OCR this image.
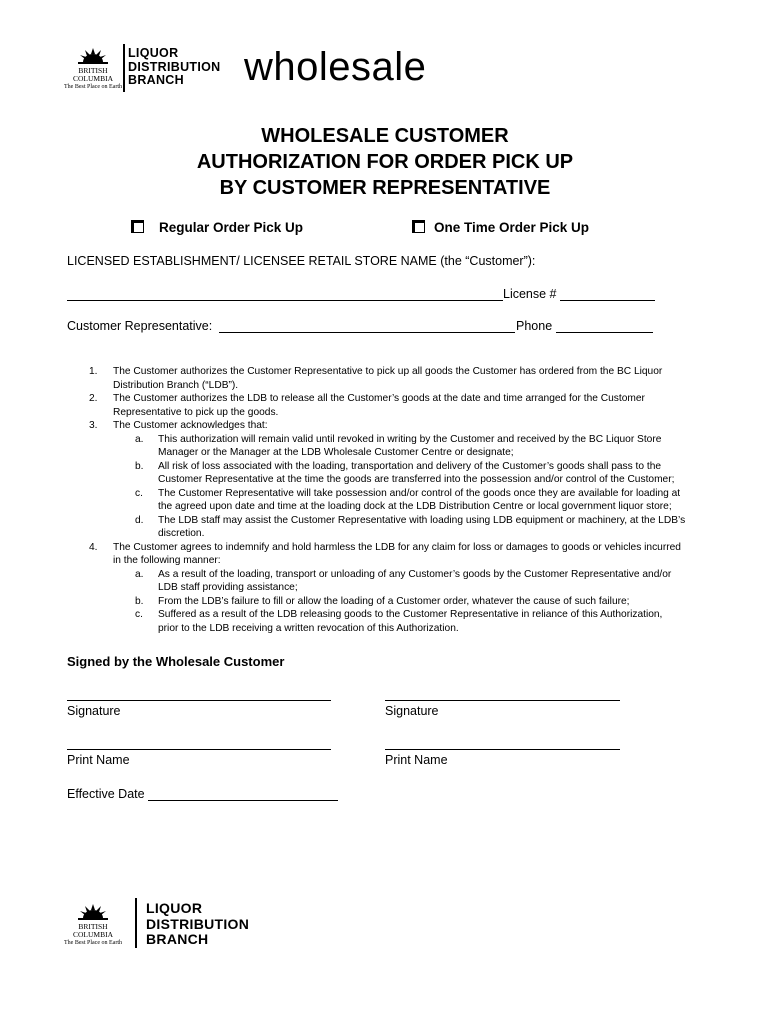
BRITISH
COLUMBIA
The Best Place on Earth
LIQUOR
DISTRIBUTION
BRANCH	wholesale
WHOLESALE CUSTOMER
AUTHORIZATION FOR ORDER PICK UP
BY CUSTOMER REPRESENTATIVE
Regular Order Pick Up	One Time Order Pick Up
LICENSED ESTABLISHMENT/ LICENSEE RETAIL STORE NAME (the “Customer”):
License #
Customer Representative:	Phone
1. The Customer authorizes the Customer Representative to pick up all goods the Customer has ordered from the BC Liquor
Distribution Branch (“LDB”).
2. The Customer authorizes the LDB to release all the Customer’s goods at the date and time arranged for the Customer
Representative to pick up the goods.
3. The Customer acknowledges that:
a. This authorization will remain valid until revoked in writing by the Customer and received by the BC Liquor Store
Manager or the Manager at the LDB Wholesale Customer Centre or designate;
b. All risk of loss associated with the loading, transportation and delivery of the Customer’s goods shall pass to the
Customer Representative at the time the goods are transferred into the possession and/or control of the Customer;
c. The Customer Representative will take possession and/or control of the goods once they are available for loading at
the agreed upon date and time at the loading dock at the LDB Distribution Centre or local government liquor store;
d. The LDB staff may assist the Customer Representative with loading using LDB equipment or machinery, at the LDB’s
discretion.
4. The Customer agrees to indemnify and hold harmless the LDB for any claim for loss or damages to goods or vehicles incurred
in the following manner:
a. As a result of the loading, transport or unloading of any Customer’s goods by the Customer Representative and/or
LDB staff providing assistance;
b. From the LDB’s failure to fill or allow the loading of a Customer order, whatever the cause of such failure;
c. Suffered as a result of the LDB releasing goods to the Customer Representative in reliance of this Authorization,
prior to the LDB receiving a written revocation of this Authorization.
Signed by the Wholesale Customer
Signature	Signature
Print Name	Print Name
Effective Date
BRITISH
COLUMBIA
The Best Place on Earth
LIQUOR
DISTRIBUTION
BRANCH
